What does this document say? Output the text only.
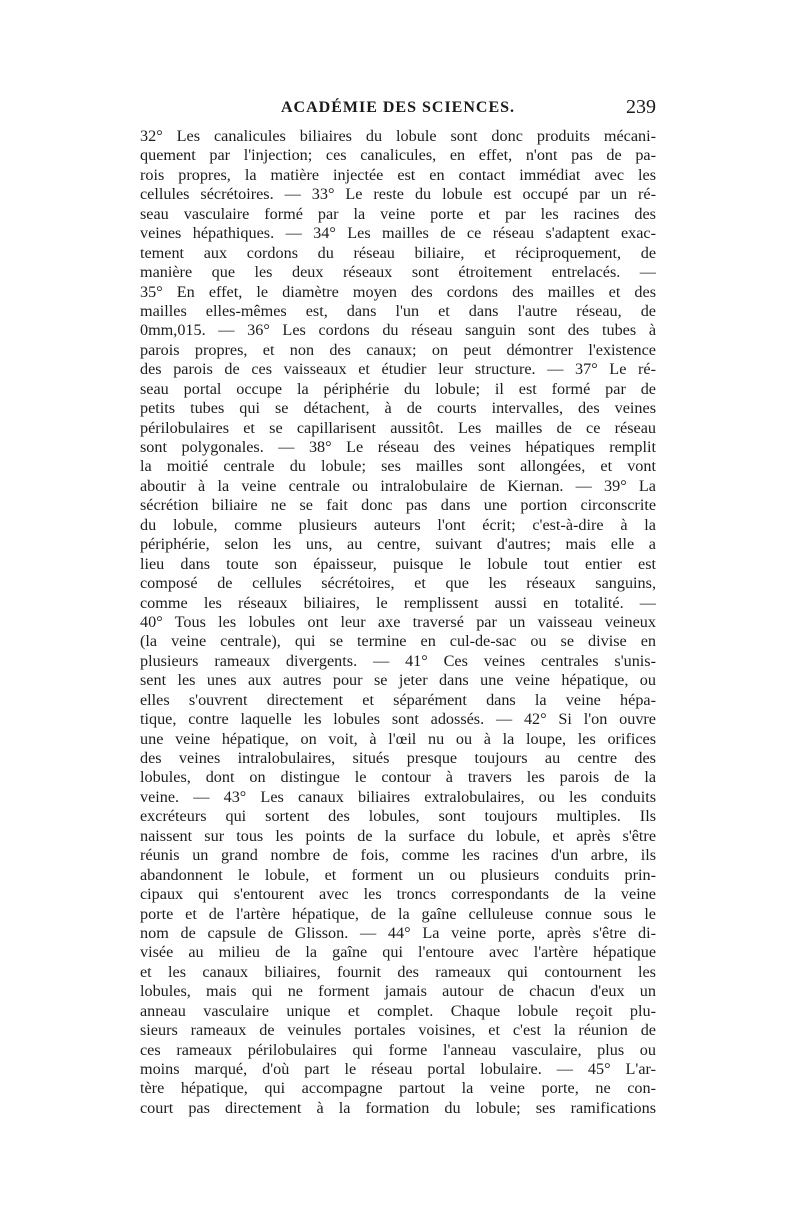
ACADÉMIE DES SCIENCES.	239
32° Les canalicules biliaires du lobule sont donc produits mécani-
quement par l'injection; ces canalicules, en effet, n'ont pas de pa-
rois propres, la matière injectée est en contact immédiat avec les
cellules sécrétoires. — 33° Le reste du lobule est occupé par un ré-
seau vasculaire formé par la veine porte et par les racines des
veines hépathiques. — 34° Les mailles de ce réseau s'adaptent exac-
tement aux cordons du réseau biliaire, et réciproquement, de
manière que les deux réseaux sont étroitement entrelacés. —
35° En effet, le diamètre moyen des cordons des mailles et des
mailles elles-mêmes est, dans l'un et dans l'autre réseau, de
0mm,015. — 36° Les cordons du réseau sanguin sont des tubes à
parois propres, et non des canaux; on peut démontrer l'existence
des parois de ces vaisseaux et étudier leur structure. — 37° Le ré-
seau portal occupe la périphérie du lobule; il est formé par de
petits tubes qui se détachent, à de courts intervalles, des veines
périlobulaires et se capillarisent aussitôt. Les mailles de ce réseau
sont polygonales. — 38° Le réseau des veines hépatiques remplit
la moitié centrale du lobule; ses mailles sont allongées, et vont
aboutir à la veine centrale ou intralobulaire de Kiernan. — 39° La
sécrétion biliaire ne se fait donc pas dans une portion circonscrite
du lobule, comme plusieurs auteurs l'ont écrit; c'est-à-dire à la
périphérie, selon les uns, au centre, suivant d'autres; mais elle a
lieu dans toute son épaisseur, puisque le lobule tout entier est
composé de cellules sécrétoires, et que les réseaux sanguins,
comme les réseaux biliaires, le remplissent aussi en totalité. —
40° Tous les lobules ont leur axe traversé par un vaisseau veineux
(la veine centrale), qui se termine en cul-de-sac ou se divise en
plusieurs rameaux divergents. — 41° Ces veines centrales s'unis-
sent les unes aux autres pour se jeter dans une veine hépatique, ou
elles s'ouvrent directement et séparément dans la veine hépa-
tique, contre laquelle les lobules sont adossés. — 42° Si l'on ouvre
une veine hépatique, on voit, à l'œil nu ou à la loupe, les orifices
des veines intralobulaires, situés presque toujours au centre des
lobules, dont on distingue le contour à travers les parois de la
veine. — 43° Les canaux biliaires extralobulaires, ou les conduits
excréteurs qui sortent des lobules, sont toujours multiples. Ils
naissent sur tous les points de la surface du lobule, et après s'être
réunis un grand nombre de fois, comme les racines d'un arbre, ils
abandonnent le lobule, et forment un ou plusieurs conduits prin-
cipaux qui s'entourent avec les troncs correspondants de la veine
porte et de l'artère hépatique, de la gaîne celluleuse connue sous le
nom de capsule de Glisson. — 44° La veine porte, après s'être di-
visée au milieu de la gaîne qui l'entoure avec l'artère hépatique
et les canaux biliaires, fournit des rameaux qui contournent les
lobules, mais qui ne forment jamais autour de chacun d'eux un
anneau vasculaire unique et complet. Chaque lobule reçoit plu-
sieurs rameaux de veinules portales voisines, et c'est la réunion de
ces rameaux périlobulaires qui forme l'anneau vasculaire, plus ou
moins marqué, d'où part le réseau portal lobulaire. — 45° L'ar-
tère hépatique, qui accompagne partout la veine porte, ne con-
court pas directement à la formation du lobule; ses ramifications
